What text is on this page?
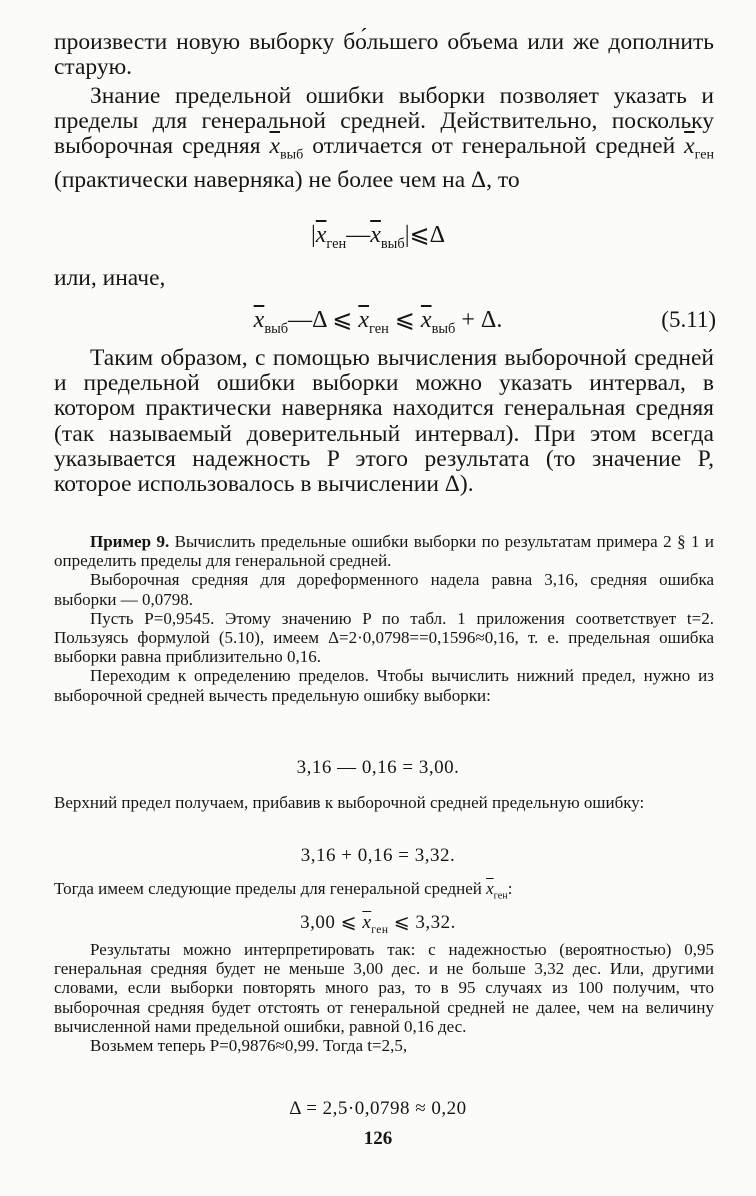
произвести новую выборку бо́льшего объема или же дополнить старую.

Знание предельной ошибки выборки позволяет указать и пределы для генеральной средней. Действительно, поскольку выборочная средняя $\overline{x}_{выб}$ отличается от генеральной средней $\overline{x}_{ген}$ (практически наверняка) не более чем на Δ, то

$|\overline{x}_{ген}—\overline{x}_{выб}|⩽\Delta$

или, иначе,

$\overline{x}_{выб}—\Delta$ ⩽ $\overline{x}_{ген}$ ⩽ $\overline{x}_{выб} + \Delta$.	(5.11)

Таким образом, с помощью вычисления выборочной средней и предельной ошибки выборки можно указать интервал, в котором практически наверняка находится генеральная средняя (так называемый доверительный интервал). При этом всегда указывается надежность P этого результата (то значение P, которое использовалось в вычислении Δ).

Пример 9. Вычислить предельные ошибки выборки по результатам примера 2 § 1 и определить пределы для генеральной средней.

Выборочная средняя для дореформенного надела равна 3,16, средняя ошибка выборки — 0,0798.

Пусть P=0,9545. Этому значению P по табл. 1 приложения соответствует t=2. Пользуясь формулой (5.10), имеем Δ=2·0,0798==0,1596≈0,16, т. е. предельная ошибка выборки равна приблизительно 0,16.

Переходим к определению пределов. Чтобы вычислить нижний предел, нужно из выборочной средней вычесть предельную ошибку выборки:

3,16 — 0,16 = 3,00.

Верхний предел получаем, прибавив к выборочной средней предельную ошибку:

3,16 + 0,16 = 3,32.

Тогда имеем следующие пределы для генеральной средней $\overline{x}_{ген}$:

3,00 ⩽ $\overline{x}_{ген}$ ⩽ 3,32.

Результаты можно интерпретировать так: с надежностью (вероятностью) 0,95 генеральная средняя будет не меньше 3,00 дес. и не больше 3,32 дес. Или, другими словами, если выборки повторять много раз, то в 95 случаях из 100 получим, что выборочная средняя будет отстоять от генеральной средней не далее, чем на величину вычисленной нами предельной ошибки, равной 0,16 дес.

Возьмем теперь P=0,9876≈0,99. Тогда t=2,5,

Δ = 2,5·0,0798 ≈ 0,20
126
